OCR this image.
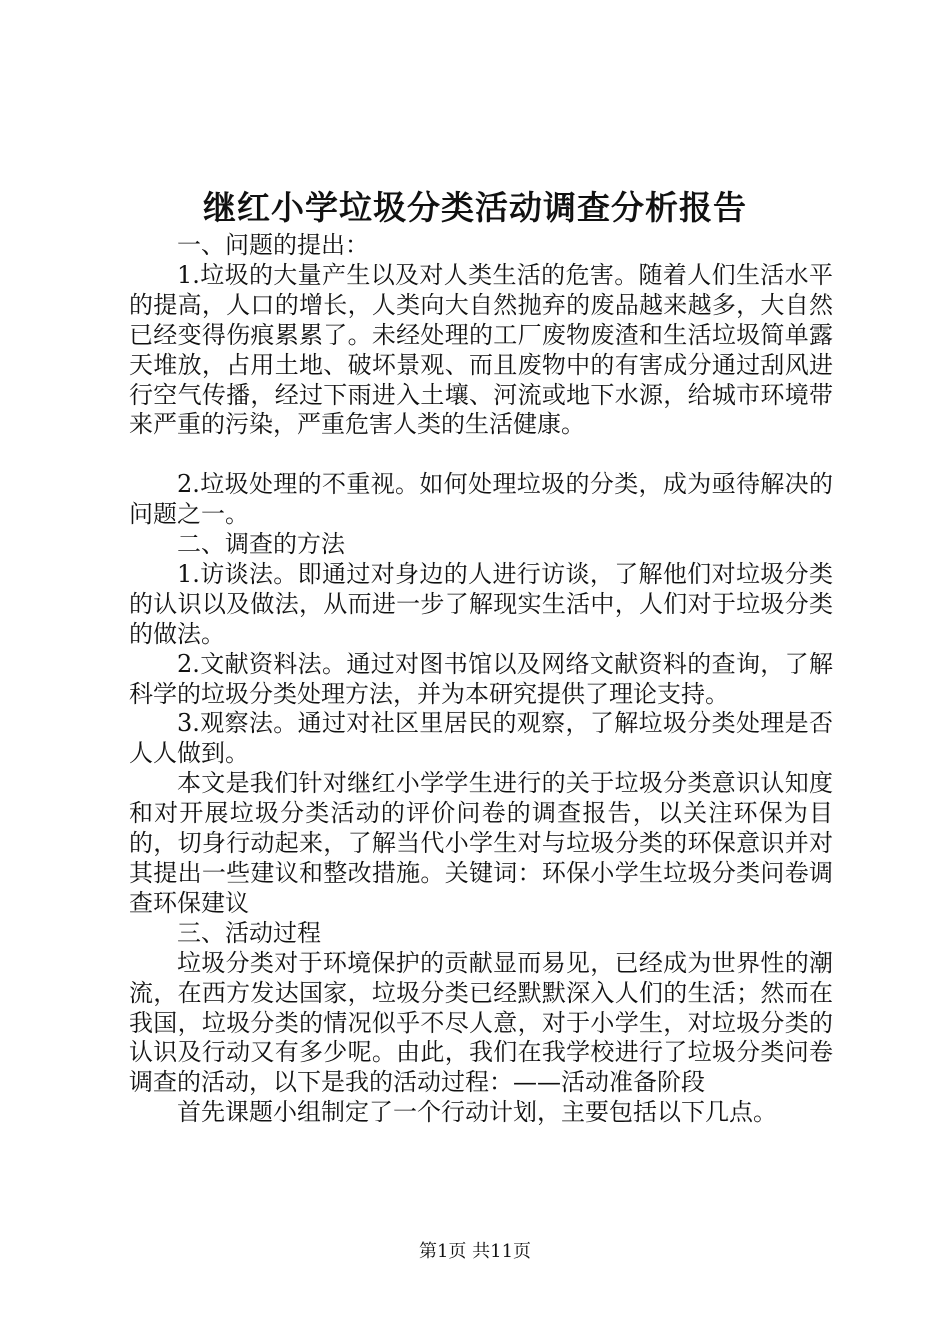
继红小学垃圾分类活动调查分析报告

一、问题的提出：

1.垃圾的大量产生以及对人类生活的危害。随着人们生活水平的提高，人口的增长，人类向大自然抛弃的废品越来越多，大自然已经变得伤痕累累了。未经处理的工厂废物废渣和生活垃圾简单露天堆放，占用土地、破坏景观、而且废物中的有害成分通过刮风进行空气传播，经过下雨进入土壤、河流或地下水源，给城市环境带来严重的污染，严重危害人类的生活健康。

2.垃圾处理的不重视。如何处理垃圾的分类，成为亟待解决的问题之一。

二、调查的方法

1.访谈法。即通过对身边的人进行访谈，了解他们对垃圾分类的认识以及做法，从而进一步了解现实生活中，人们对于垃圾分类的做法。

2.文献资料法。通过对图书馆以及网络文献资料的查询，了解科学的垃圾分类处理方法，并为本研究提供了理论支持。

3.观察法。通过对社区里居民的观察，了解垃圾分类处理是否人人做到。

本文是我们针对继红小学学生进行的关于垃圾分类意识认知度和对开展垃圾分类活动的评价问卷的调查报告，以关注环保为目的，切身行动起来，了解当代小学生对与垃圾分类的环保意识并对其提出一些建议和整改措施。关键词：环保小学生垃圾分类问卷调查环保建议

三、活动过程

垃圾分类对于环境保护的贡献显而易见，已经成为世界性的潮流，在西方发达国家，垃圾分类已经默默深入人们的生活；然而在我国，垃圾分类的情况似乎不尽人意，对于小学生，对垃圾分类的认识及行动又有多少呢。由此，我们在我学校进行了垃圾分类问卷调查的活动，以下是我的活动过程：——活动准备阶段

首先课题小组制定了一个行动计划，主要包括以下几点。

第1页 共11页
